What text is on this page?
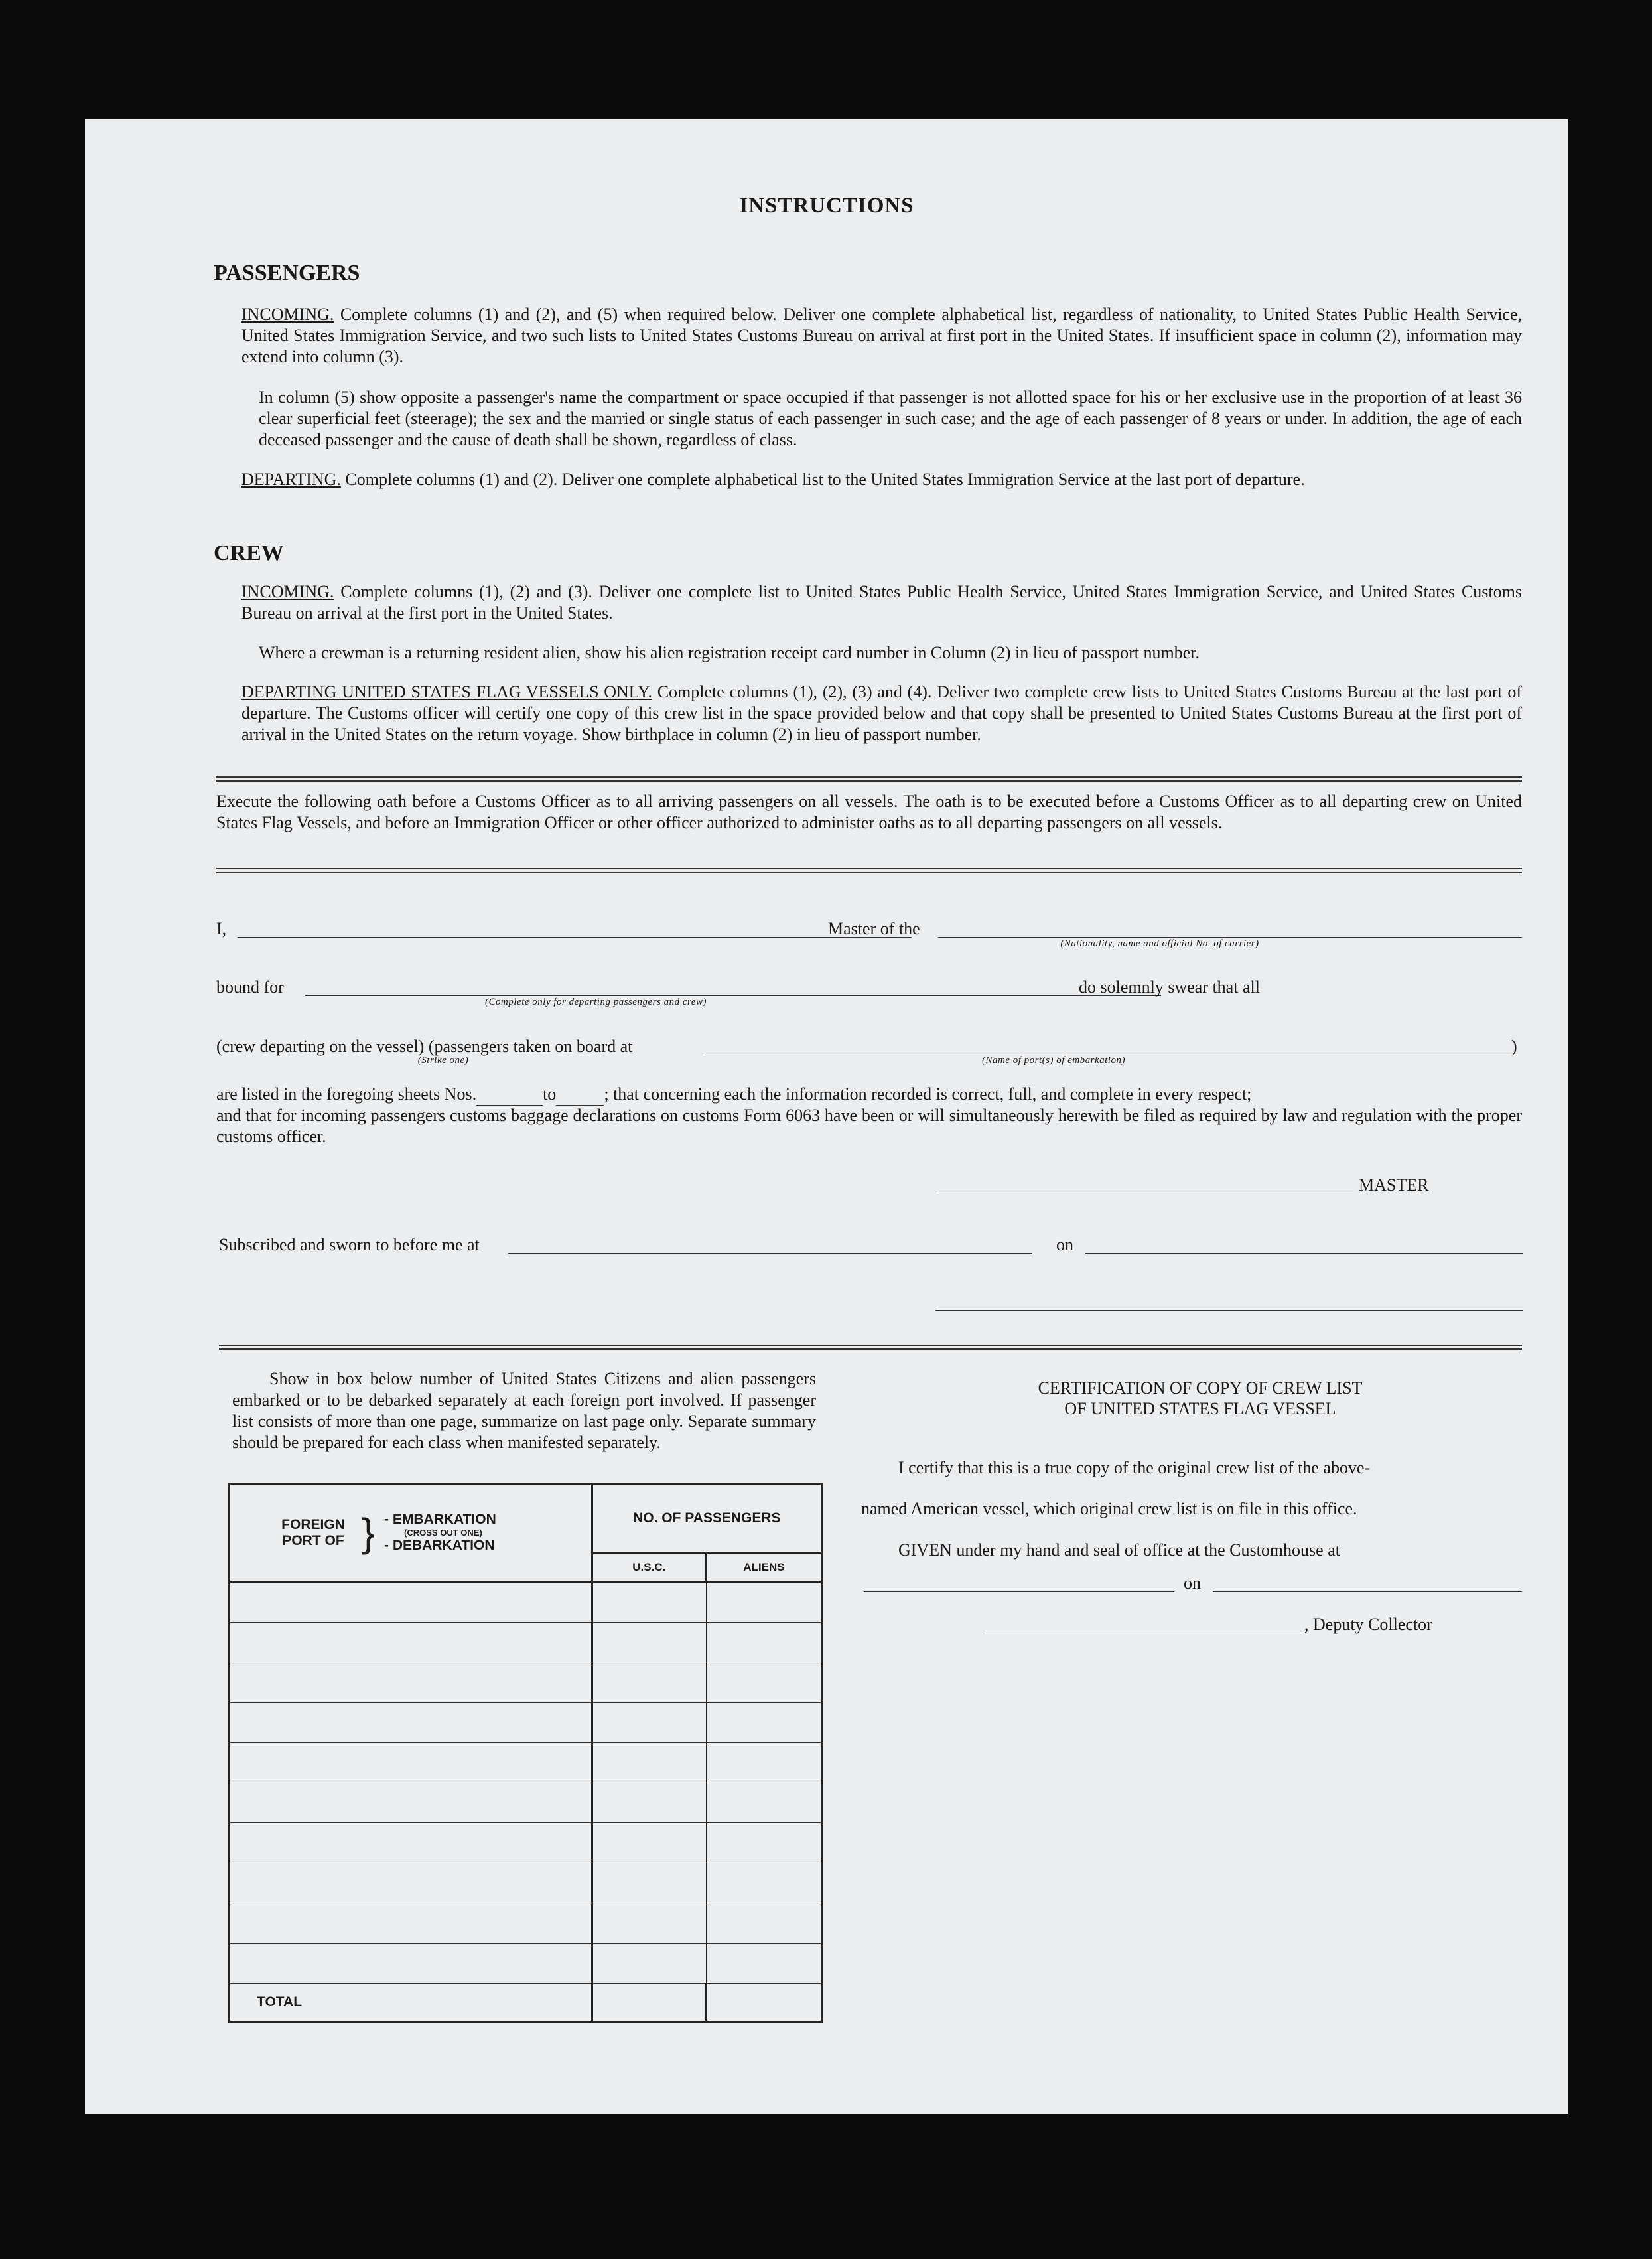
INSTRUCTIONS
PASSENGERS
INCOMING. Complete columns (1) and (2), and (5) when required below. Deliver one complete alphabetical list, regardless of nationality, to United States Public Health Service, United States Immigration Service, and two such lists to United States Customs Bureau on arrival at first port in the United States. If insufficient space in column (2), information may extend into column (3).
In column (5) show opposite a passenger's name the compartment or space occupied if that passenger is not allotted space for his or her exclusive use in the proportion of at least 36 clear superficial feet (steerage); the sex and the married or single status of each passenger in such case; and the age of each passenger of 8 years or under. In addition, the age of each deceased passenger and the cause of death shall be shown, regardless of class.
DEPARTING. Complete columns (1) and (2). Deliver one complete alphabetical list to the United States Immigration Service at the last port of departure.
CREW
INCOMING. Complete columns (1), (2) and (3). Deliver one complete list to United States Public Health Service, United States Immigration Service, and United States Customs Bureau on arrival at the first port in the United States.
Where a crewman is a returning resident alien, show his alien registration receipt card number in Column (2) in lieu of passport number.
DEPARTING UNITED STATES FLAG VESSELS ONLY. Complete columns (1), (2), (3) and (4). Deliver two complete crew lists to United States Customs Bureau at the last port of departure. The Customs officer will certify one copy of this crew list in the space provided below and that copy shall be presented to United States Customs Bureau at the first port of arrival in the United States on the return voyage. Show birthplace in column (2) in lieu of passport number.
Execute the following oath before a Customs Officer as to all arriving passengers on all vessels. The oath is to be executed before a Customs Officer as to all departing crew on United States Flag Vessels, and before an Immigration Officer or other officer authorized to administer oaths as to all departing passengers on all vessels.
I,	Master of the
(Nationality, name and official No. of carrier)
bound for
(Complete only for departing passengers and crew)
do solemnly swear that all
(crew departing on the vessel) (passengers taken on board at	)
(Strike one)	(Name of port(s) of embarkation)
are listed in the foregoing sheets Nos.	to	; that concerning each the information recorded is correct, full, and complete in every respect;
and that for incoming passengers customs baggage declarations on customs Form 6063 have been or will simultaneously herewith be filed as required by law and regulation with the proper customs officer.
MASTER
Subscribed and sworn to before me at	on
Show in box below number of United States Citizens and alien passengers embarked or to be debarked separately at each foreign port involved. If passenger list consists of more than one page, summarize on last page only. Separate summary should be prepared for each class when manifested separately.
FOREIGN PORT OF } - EMBARKATION
(CROSS OUT ONE)
- DEBARKATION	NO. OF PASSENGERS	
	U.S.C.	ALIENS

TOTAL		
CERTIFICATION OF COPY OF CREW LIST
OF UNITED STATES FLAG VESSEL
I certify that this is a true copy of the original crew list of the above-
named American vessel, which original crew list is on file in this office.
GIVEN under my hand and seal of office at the Customhouse at
on
, Deputy Collector
